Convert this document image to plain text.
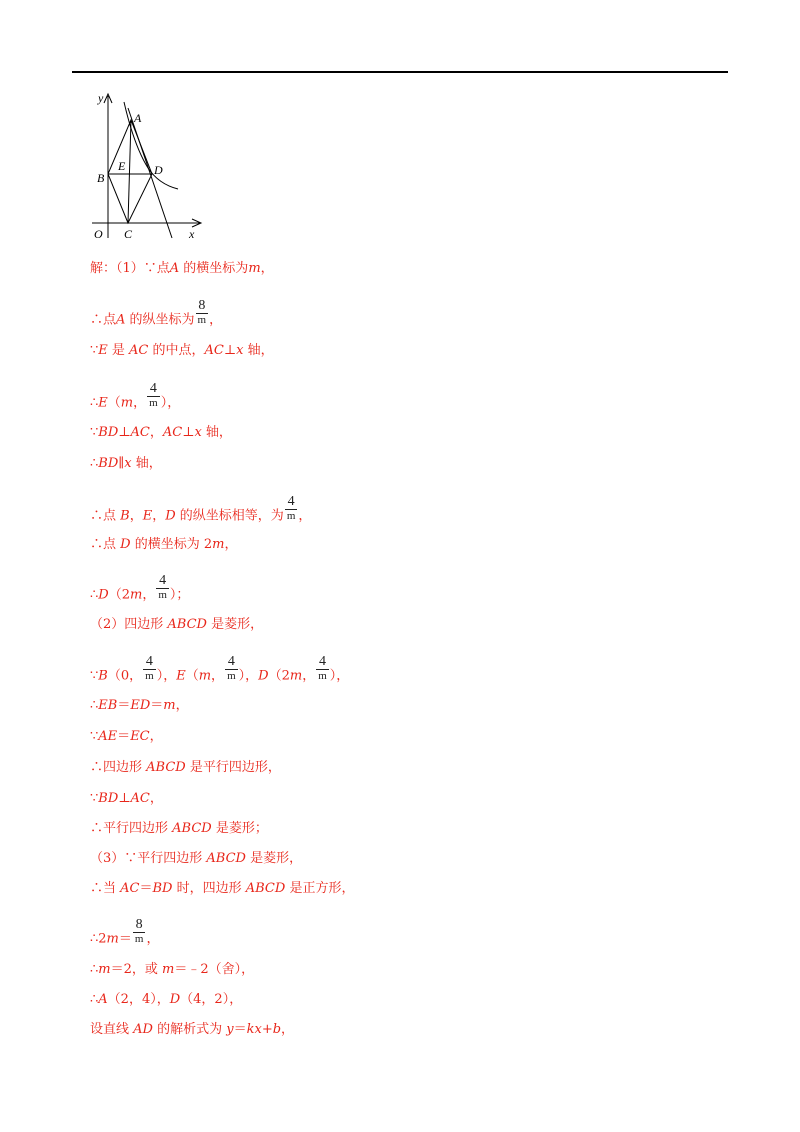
y
A
E
B
D
O C	x
解：（1）∵点A 的横坐标为m，
∴点A 的纵坐标为 $\frac{8}{m}$ ，
∵E 是 AC 的中点，AC⊥x 轴，
∴E（m， $\frac{4}{m}$ ），
∵BD⊥AC，AC⊥x 轴，
∴BD∥x 轴，
∴点 B，E，D 的纵坐标相等，为 $\frac{4}{m}$ ，
∴点 D 的横坐标为 2m，
∴D（2m， $\frac{4}{m}$ ）；
（2）四边形 ABCD 是菱形，
∵B（0， $\frac{4}{m}$ ），E（m， $\frac{4}{m}$ ），D（2m， $\frac{4}{m}$ ），
∴EB＝ED＝m，
∵AE＝EC，
∴四边形 ABCD 是平行四边形，
∵BD⊥AC，
∴平行四边形 ABCD 是菱形；
（3）∵平行四边形 ABCD 是菱形，
∴当 AC＝BD 时，四边形 ABCD 是正方形，
∴2m＝ $\frac{8}{m}$ ，
∴m＝2，或 m＝﹣2（舍），
∴A（2，4），D（4，2），
设直线 AD 的解析式为 y＝kx+b，
